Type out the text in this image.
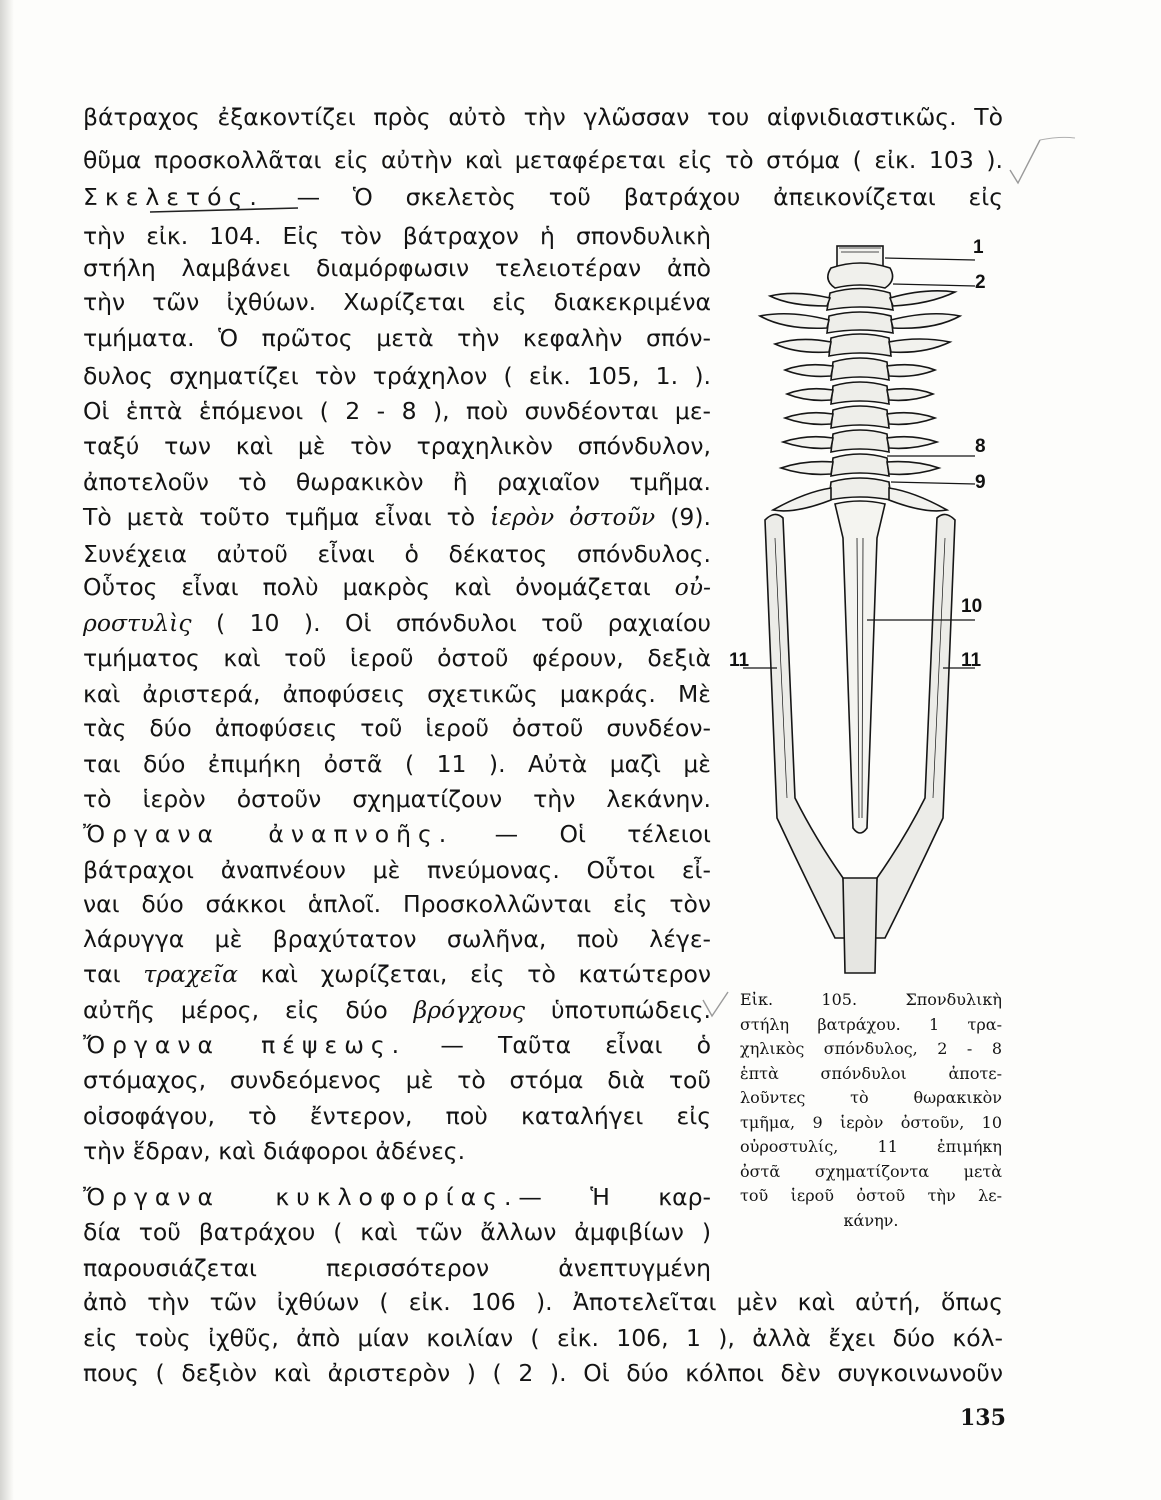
βάτραχος ἐξακοντίζει πρὸς αὐτὸ τὴν γλῶσσαν του αἰφνιδιαστικῶς. Τὸ
θῦμα προσκολλᾶται εἰς αὐτὴν καὶ μεταφέρεται εἰς τὸ στόμα ( εἰκ. 103 ).
Σκελετός. — Ὁ σκελετὸς τοῦ βατράχου ἀπεικονίζεται εἰς
τὴν εἰκ. 104. Εἰς τὸν βάτραχον ἡ σπονδυλικὴ
στήλη λαμβάνει διαμόρφωσιν τελειοτέραν ἀπὸ
τὴν τῶν ἰχθύων. Χωρίζεται εἰς διακεκριμένα
τμήματα. Ὁ πρῶτος μετὰ τὴν κεφαλὴν σπόν-
δυλος σχηματίζει τὸν τράχηλον ( εἰκ. 105, 1. ).
Οἱ ἑπτὰ ἑπόμενοι ( 2 - 8 ), ποὺ συνδέονται με-
ταξύ των καὶ μὲ τὸν τραχηλικὸν σπόνδυλον,
ἀποτελοῦν τὸ θωρακικὸν ἢ ραχιαῖον τμῆμα.
Τὸ μετὰ τοῦτο τμῆμα εἶναι τὸ ἱερὸν ὀστοῦν (9).
Συνέχεια αὐτοῦ εἶναι ὁ δέκατος σπόνδυλος.
Οὗτος εἶναι πολὺ μακρὸς καὶ ὀνομάζεται οὐ-
ροστυλὶς ( 10 ). Οἱ σπόνδυλοι τοῦ ραχιαίου
τμήματος καὶ τοῦ ἱεροῦ ὀστοῦ φέρουν, δεξιὰ
καὶ ἀριστερά, ἀποφύσεις σχετικῶς μακράς. Μὲ
τὰς δύο ἀποφύσεις τοῦ ἱεροῦ ὀστοῦ συνδέον-
ται δύο ἐπιμήκη ὀστᾶ ( 11 ). Αὐτὰ μαζὶ μὲ
τὸ ἱερὸν ὀστοῦν σχηματίζουν τὴν λεκάνην.
Ὄργανα ἀναπνοῆς. — Οἱ τέλειοι
βάτραχοι ἀναπνέουν μὲ πνεύμονας. Οὗτοι εἶ-
ναι δύο σάκκοι ἁπλοῖ. Προσκολλῶνται εἰς τὸν
λάρυγγα μὲ βραχύτατον σωλῆνα, ποὺ λέγε-
ται τραχεῖα καὶ χωρίζεται, εἰς τὸ κατώτερον
αὐτῆς μέρος, εἰς δύο βρόγχους ὑποτυπώδεις.
Ὄργανα πέψεως. — Ταῦτα εἶναι ὁ
στόμαχος, συνδεόμενος μὲ τὸ στόμα διὰ τοῦ
οἰσοφάγου, τὸ ἔντερον, ποὺ καταλήγει εἰς
τὴν ἕδραν, καὶ διάφοροι ἀδένες.
Ὄργανα κυκλοφορίας.— Ἡ καρ-
δία τοῦ βατράχου ( καὶ τῶν ἄλλων ἀμφιβίων )
παρουσιάζεται περισσότερον ἀνεπτυγμένη
ἀπὸ τὴν τῶν ἰχθύων ( εἰκ. 106 ). Ἀποτελεῖται μὲν καὶ αὐτή, ὅπως
εἰς τοὺς ἰχθῦς, ἀπὸ μίαν κοιλίαν ( εἰκ. 106, 1 ), ἀλλὰ ἔχει δύο κόλ-
πους ( δεξιὸν καὶ ἀριστερὸν ) ( 2 ). Οἱ δύο κόλποι δὲν συγκοινωνοῦν
1
2
8
9
10
11	11
Εἰκ. 105. Σπονδυλικὴ
στήλη βατράχου. 1 τρα-
χηλικὸς σπόνδυλος, 2 - 8
ἑπτὰ σπόνδυλοι ἀποτε-
λοῦντες τὸ θωρακικὸν
τμῆμα, 9 ἱερὸν ὀστοῦν, 10
οὐροστυλίς, 11 ἐπιμήκη
ὀστᾶ σχηματίζοντα μετὰ
τοῦ ἱεροῦ ὀστοῦ τὴν λε-
κάνην.
135
